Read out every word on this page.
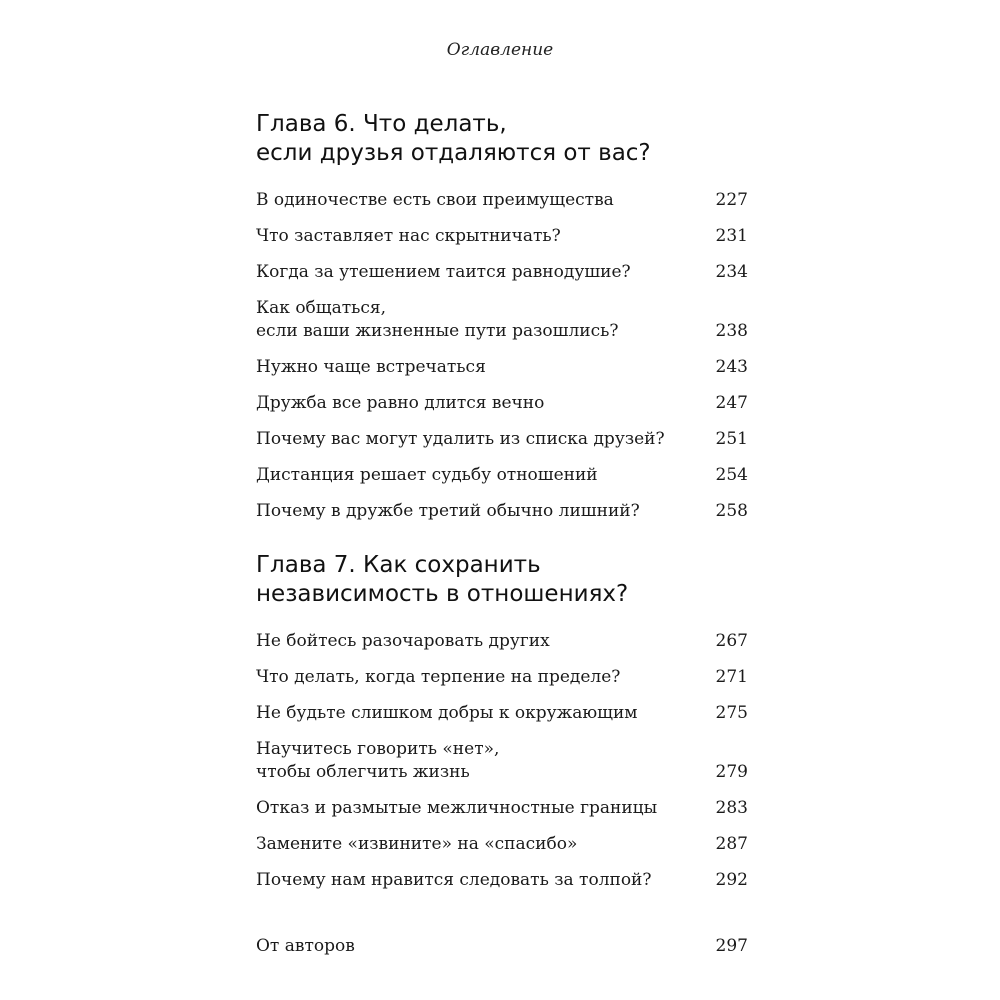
Оглавление
Глава 6. Что делать,
если друзья отдаляются от вас?
В одиночестве есть свои преимущества	227
Что заставляет нас скрытничать?	231
Когда за утешением таится равнодушие?	234
Как общаться,
если ваши жизненные пути разошлись?	238
Нужно чаще встречаться	243
Дружба все равно длится вечно	247
Почему вас могут удалить из списка друзей?	251
Дистанция решает судьбу отношений	254
Почему в дружбе третий обычно лишний?	258
Глава 7. Как сохранить
независимость в отношениях?
Не бойтесь разочаровать других	267
Что делать, когда терпение на пределе?	271
Не будьте слишком добры к окружающим	275
Научитесь говорить «нет»,
чтобы облегчить жизнь	279
Отказ и размытые межличностные границы	283
Замените «извините» на «спасибо»	287
Почему нам нравится следовать за толпой?	292
От авторов	297
